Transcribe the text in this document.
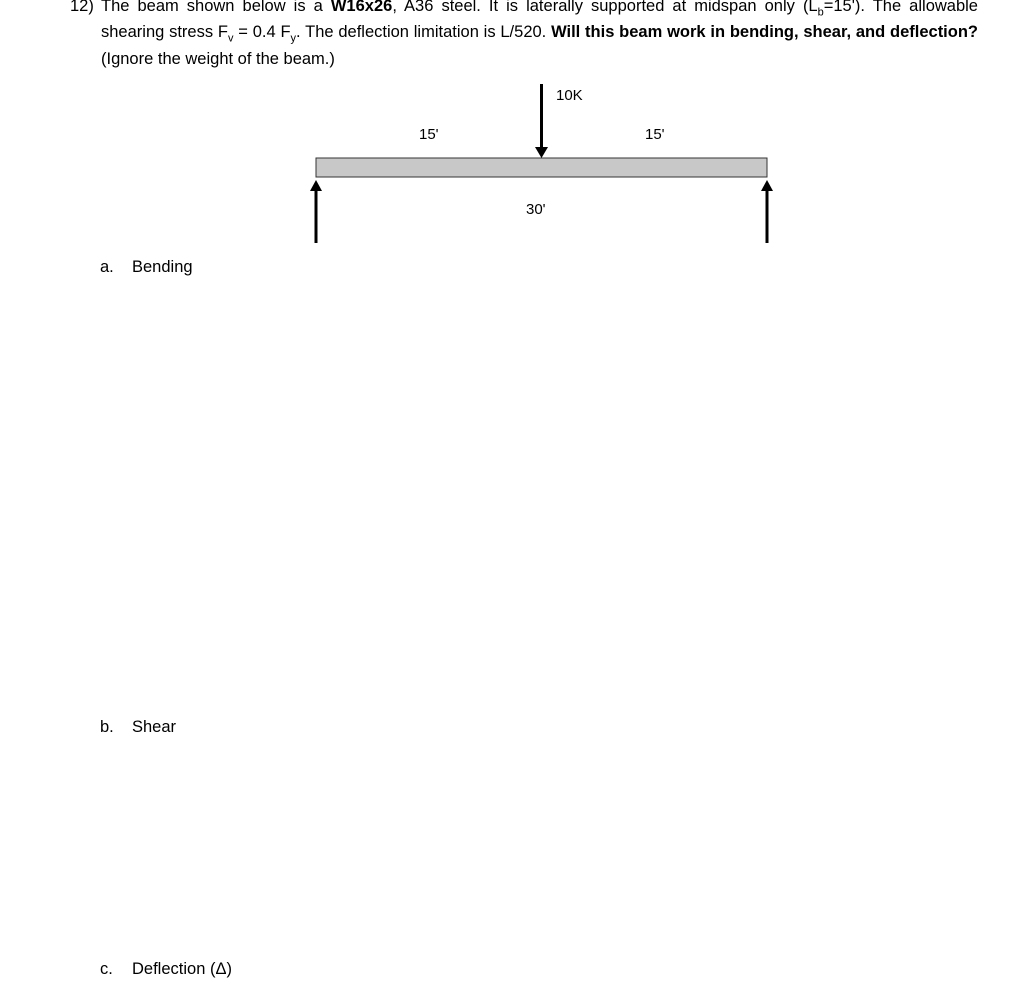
12) The beam shown below is a W16x26, A36 steel. It is laterally supported at midspan only $(L_b=15')$. The allowable shearing stress $F_v = 0.4$ $F_y$. The deflection limitation is L/520. Will this beam work in bending, shear, and deflection? (Ignore the weight of the beam.)
10K
15'	15'
30'
a. Bending
b. Shear
c. Deflection (Δ)
